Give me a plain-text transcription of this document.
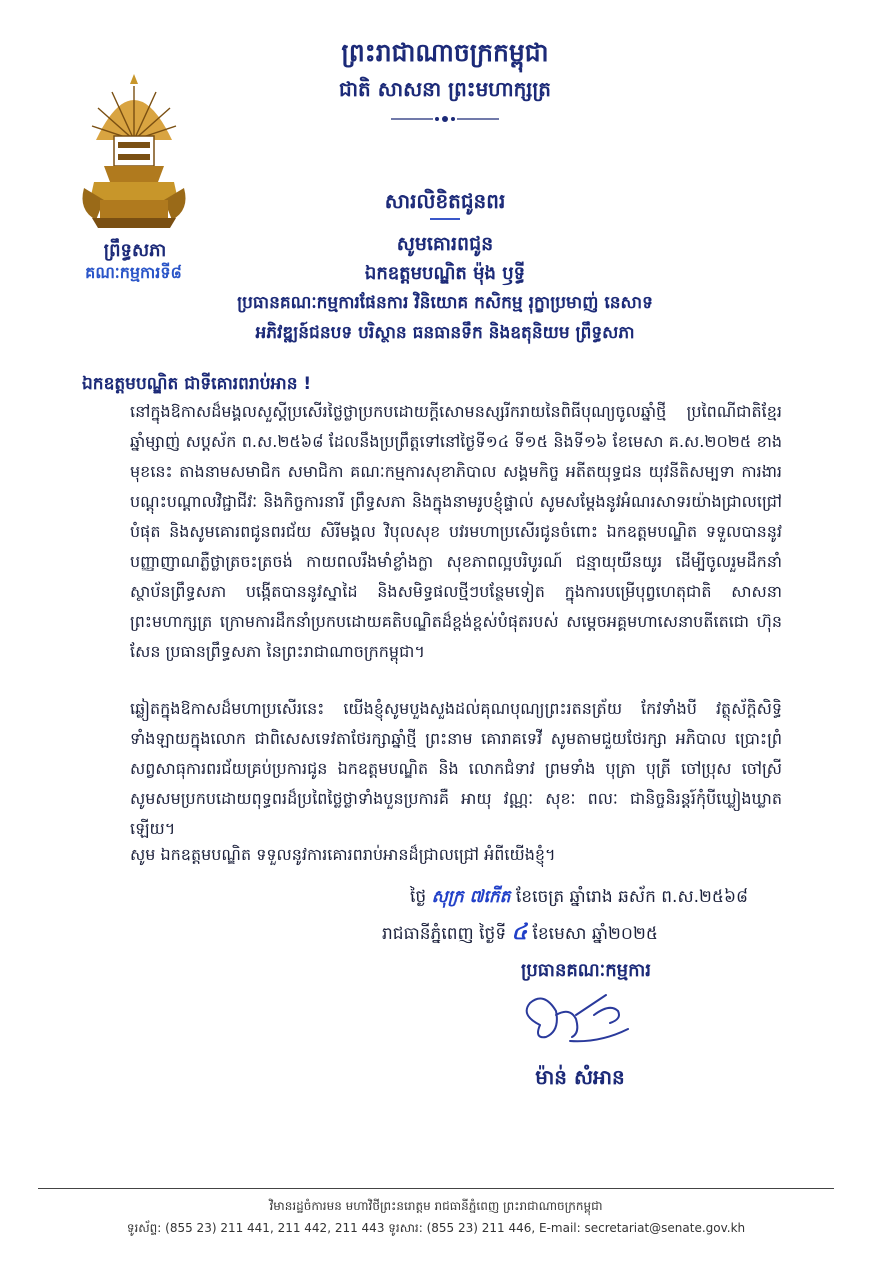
ព្រះរាជាណាចក្រកម្ពុជា
ជាតិ សាសនា ព្រះមហាក្សត្រ
ព្រឹទ្ធសភា
គណៈកម្មការទី៨
សារលិខិតជូនពរ
សូមគោរពជូន
ឯកឧត្តមបណ្ឌិត ម៉ុង ឫទ្ធី
ប្រធានគណៈកម្មការផែនការ វិនិយោគ កសិកម្ម រុក្ខាប្រមាញ់ នេសាទ
អភិវឌ្ឍន៍ជនបទ បរិស្ថាន ធនធានទឹក និងឧតុនិយម ព្រឹទ្ធសភា
ឯកឧត្តមបណ្ឌិត ជាទីគោរពរាប់អាន !

នៅក្នុងឱកាសដ៏មង្គលសួស្តីប្រសើរថ្លៃថ្លាប្រកបដោយក្តីសោមនស្សរីករាយនៃពិធីបុណ្យចូលឆ្នាំថ្មី ប្រពៃណីជាតិខ្មែរ ឆ្នាំម្សាញ់ សប្តស័ក ព.ស.២៥៦៨ ដែលនឹងប្រព្រឹត្តទៅនៅថ្ងៃទី១៤ ទី១៥ និងទី១៦ ខែមេសា គ.ស.២០២៥ ខាងមុខនេះ តាងនាមសមាជិក សមាជិកា គណៈកម្មការសុខាភិបាល សង្គមកិច្ច អតីតយុទ្ធជន យុវនីតិសម្បទា ការងារ បណ្តុះបណ្តាលវិជ្ជាជីវៈ និងកិច្ចការនារី ព្រឹទ្ធសភា និងក្នុងនាមរូបខ្ញុំផ្ទាល់ សូមសម្តែងនូវអំណរសាទរយ៉ាងជ្រាលជ្រៅបំផុត និងសូមគោរពជូនពរជ័យ សិរីមង្គល វិបុលសុខ បវរមហាប្រសើរជូនចំពោះ ឯកឧត្តមបណ្ឌិត ទទួលបាននូវបញ្ញាញាណភ្លឺថ្លាត្រចះត្រចង់ កាយពលរឹងមាំខ្លាំងក្លា សុខភាពល្អបរិបូរណ៍ ជន្មាយុយឺនយូរ ដើម្បីចូលរួមដឹកនាំស្ថាប័នព្រឹទ្ធសភា បង្កើតបាននូវស្នាដៃ និងសមិទ្ធផលថ្មីៗបន្ថែមទៀត ក្នុងការបម្រើបុព្វហេតុជាតិ សាសនា ព្រះមហាក្សត្រ ក្រោមការដឹកនាំប្រកបដោយគតិបណ្ឌិតដ៏ខ្ពង់ខ្ពស់បំផុតរបស់ សម្តេចអគ្គមហាសេនាបតីតេជោ ហ៊ុន សែន ប្រធានព្រឹទ្ធសភា នៃព្រះរាជាណាចក្រកម្ពុជា។

ឆ្លៀតក្នុងឱកាសដ៏មហាប្រសើរនេះ យើងខ្ញុំសូមបួងសួងដល់គុណបុណ្យព្រះរតនត្រ័យ កែវទាំងបី វត្ថុស័ក្តិសិទ្ធិទាំងឡាយក្នុងលោក ជាពិសេសទេវតាថែរក្សាឆ្នាំថ្មី ព្រះនាម គោរាគទេវី សូមតាមជួយថែរក្សា អភិបាល ប្រោះព្រំសព្វសាធុការពរជ័យគ្រប់ប្រការជូន ឯកឧត្តមបណ្ឌិត និង លោកជំទាវ ព្រមទាំង បុត្រា បុត្រី ចៅប្រុស ចៅស្រី សូមសមប្រកបដោយពុទ្ធពរដ៏ប្រពៃថ្លៃថ្លាទាំងបួនប្រការគឺ អាយុ វណ្ណៈ សុខៈ ពលៈ ជានិច្ចនិរន្តរ៍កុំបីឃ្លៀងឃ្លាតឡើយ។

សូម ឯកឧត្តមបណ្ឌិត ទទួលនូវការគោរពរាប់អានដ៏ជ្រាលជ្រៅ អំពីយើងខ្ញុំ។

ថ្ងៃ សុក្រ ៧កើត ខែចេត្រ ឆ្នាំរោង ឆស័ក ព.ស.២៥៦៨
រាជធានីភ្នំពេញ ថ្ងៃទី ៤ ខែមេសា ឆ្នាំ២០២៥
ប្រធានគណៈកម្មការ
ម៉ាន់ សំអាន
វិមានរដ្ឋចំការមន មហាវិថីព្រះនរោត្តម រាជធានីភ្នំពេញ ព្រះរាជាណាចក្រកម្ពុជា
ទូរស័ព្ទ: (855 23) 211 441, 211 442, 211 443 ទូរសារ: (855 23) 211 446, E-mail: secretariat@senate.gov.kh
